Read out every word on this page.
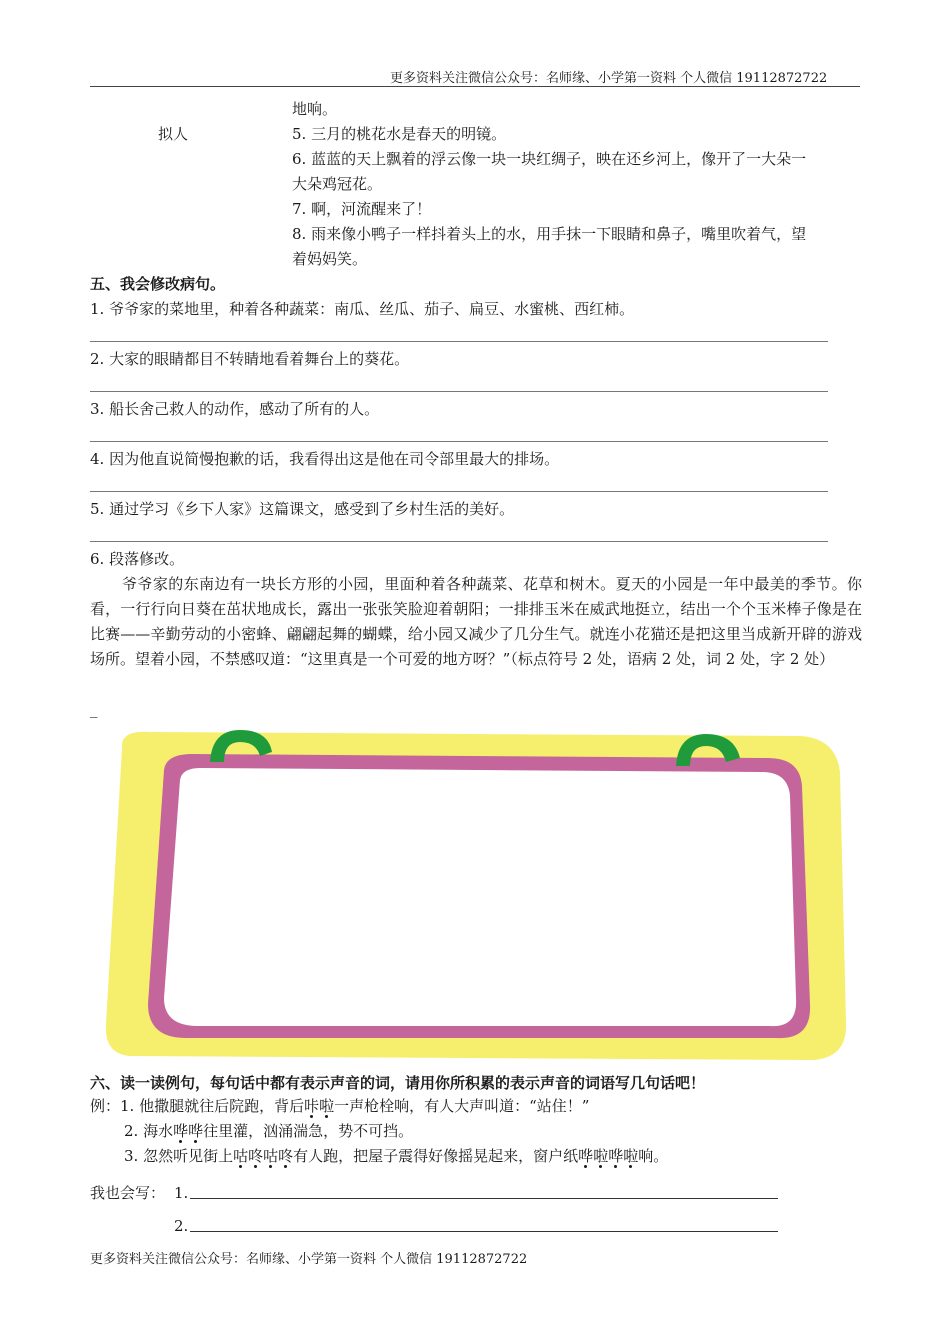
更多资料关注微信公众号：名师缘、小学第一资料 个人微信 19112872722
地响。
拟人	5. 三月的桃花水是春天的明镜。
6. 蓝蓝的天上飘着的浮云像一块一块红绸子，映在还乡河上，像开了一大朵一
大朵鸡冠花。
7. 啊，河流醒来了！
8. 雨来像小鸭子一样抖着头上的水，用手抹一下眼睛和鼻子，嘴里吹着气，望
着妈妈笑。
五、我会修改病句。
1. 爷爷家的菜地里，种着各种蔬菜：南瓜、丝瓜、茄子、扁豆、水蜜桃、西红柿。
2. 大家的眼睛都目不转睛地看着舞台上的葵花。
3. 船长舍己救人的动作，感动了所有的人。
4. 因为他直说简慢抱歉的话，我看得出这是他在司令部里最大的排场。
5. 通过学习《乡下人家》这篇课文，感受到了乡村生活的美好。
6. 段落修改。
爷爷家的东南边有一块长方形的小园，里面种着各种蔬菜、花草和树木。夏天的小园是一年中最美的季节。你看，一行行向日葵在茁状地成长，露出一张张笑脸迎着朝阳；一排排玉米在威武地挺立，结出一个个玉米棒子像是在比赛——辛勤劳动的小密蜂、翩翩起舞的蝴蝶，给小园又减少了几分生气。就连小花猫还是把这里当成新开辟的游戏场所。望着小园，不禁感叹道：“这里真是一个可爱的地方呀？”（标点符号 2 处，语病 2 处，词 2 处，字 2 处）
_
六、读一读例句，每句话中都有表示声音的词，请用你所积累的表示声音的词语写几句话吧！
例：1. 他撒腿就往后院跑，背后咔啦一声枪栓响，有人大声叫道：“站住！”
2. 海水哗哗往里灌，汹涌湍急，势不可挡。
3. 忽然听见街上咕咚咕咚有人跑，把屋子震得好像摇晃起来，窗户纸哗啦哗啦响。
我也会写： 1.
2.
更多资料关注微信公众号：名师缘、小学第一资料 个人微信 19112872722
